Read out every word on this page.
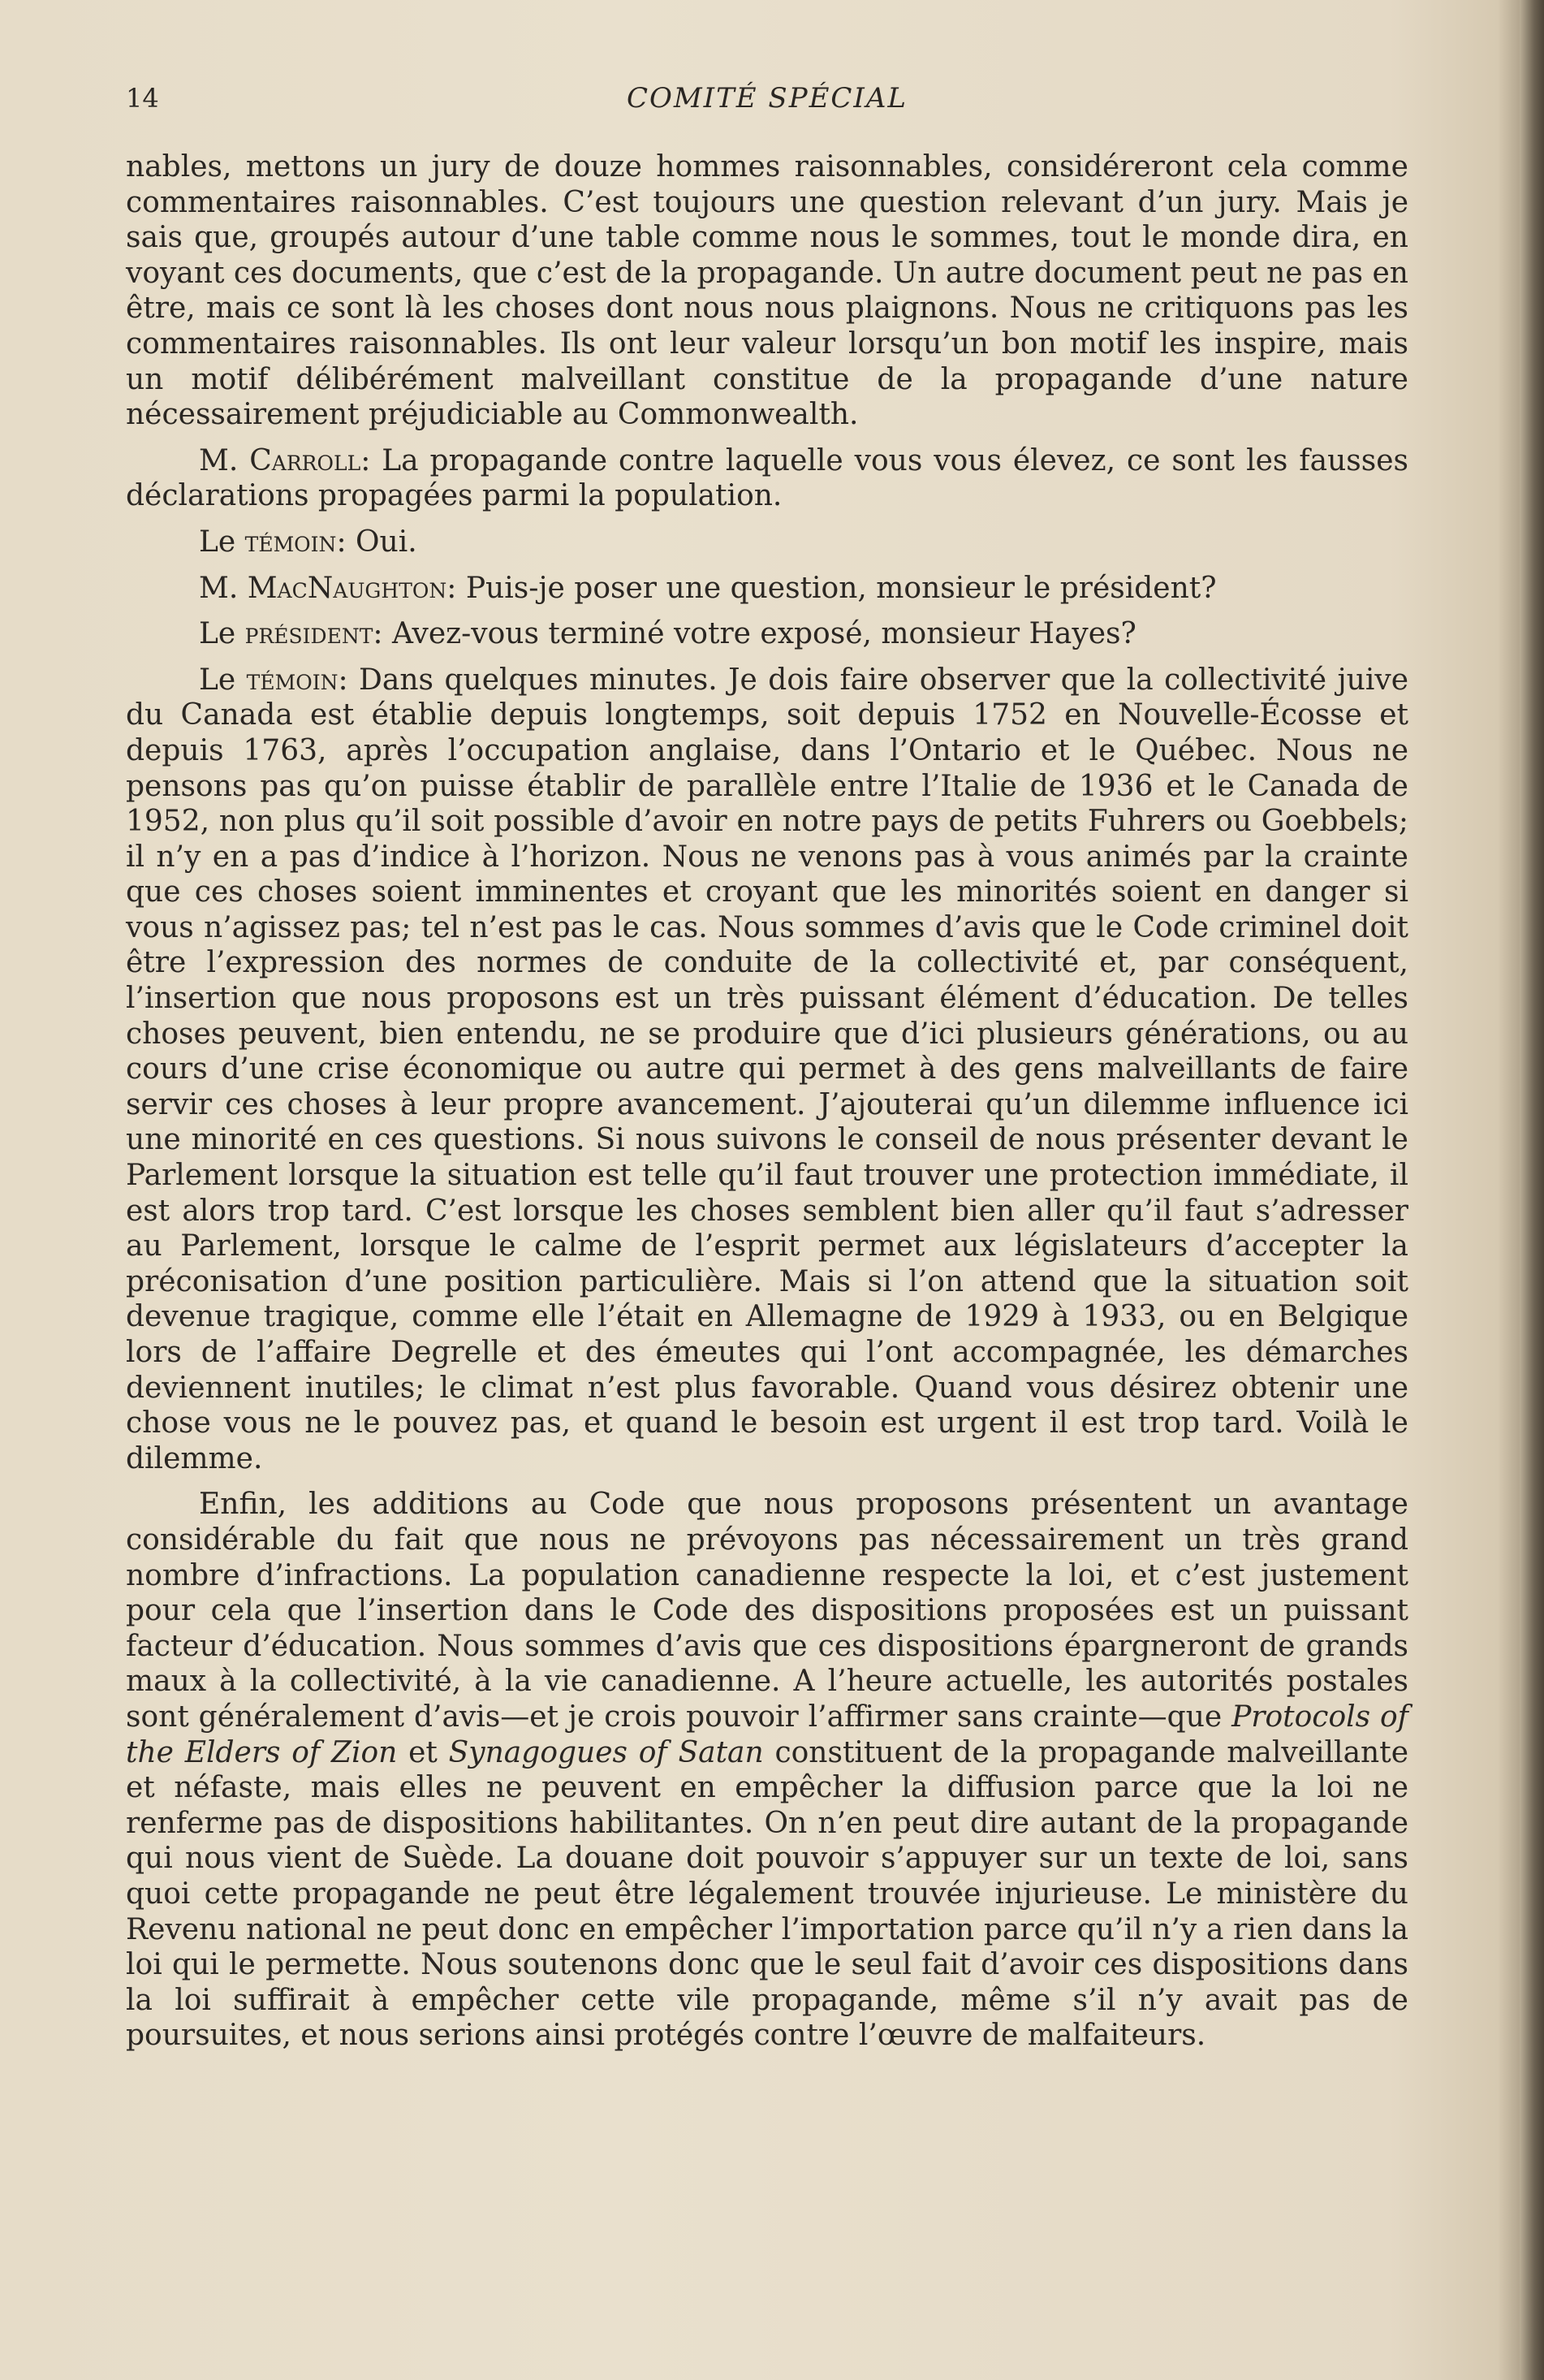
14	COMITÉ SPÉCIAL

nables, mettons un jury de douze hommes raisonnables, considéreront cela comme commentaires raisonnables. C’est toujours une question relevant d’un jury. Mais je sais que, groupés autour d’une table comme nous le sommes, tout le monde dira, en voyant ces documents, que c’est de la propagande. Un autre document peut ne pas en être, mais ce sont là les choses dont nous nous plaignons. Nous ne critiquons pas les commentaires raisonnables. Ils ont leur valeur lorsqu’un bon motif les inspire, mais un motif délibérément malveillant constitue de la propagande d’une nature nécessairement préjudiciable au Commonwealth.

M. Carroll: La propagande contre laquelle vous vous élevez, ce sont les fausses déclarations propagées parmi la population.

Le témoin: Oui.

M. MacNaughton: Puis-je poser une question, monsieur le président?

Le président: Avez-vous terminé votre exposé, monsieur Hayes?

Le témoin: Dans quelques minutes. Je dois faire observer que la collectivité juive du Canada est établie depuis longtemps, soit depuis 1752 en Nouvelle-Écosse et depuis 1763, après l’occupation anglaise, dans l’Ontario et le Québec. Nous ne pensons pas qu’on puisse établir de parallèle entre l’Italie de 1936 et le Canada de 1952, non plus qu’il soit possible d’avoir en notre pays de petits Fuhrers ou Goebbels; il n’y en a pas d’indice à l’horizon. Nous ne venons pas à vous animés par la crainte que ces choses soient imminentes et croyant que les minorités soient en danger si vous n’agissez pas; tel n’est pas le cas. Nous sommes d’avis que le Code criminel doit être l’expression des normes de conduite de la collectivité et, par conséquent, l’insertion que nous proposons est un très puissant élément d’éducation. De telles choses peuvent, bien entendu, ne se produire que d’ici plusieurs générations, ou au cours d’une crise économique ou autre qui permet à des gens malveillants de faire servir ces choses à leur propre avancement. J’ajouterai qu’un dilemme influence ici une minorité en ces questions. Si nous suivons le conseil de nous présenter devant le Parlement lorsque la situation est telle qu’il faut trouver une protection immédiate, il est alors trop tard. C’est lorsque les choses semblent bien aller qu’il faut s’adresser au Parlement, lorsque le calme de l’esprit permet aux législateurs d’accepter la préconisation d’une position particulière. Mais si l’on attend que la situation soit devenue tragique, comme elle l’était en Allemagne de 1929 à 1933, ou en Belgique lors de l’affaire Degrelle et des émeutes qui l’ont accompagnée, les démarches deviennent inutiles; le climat n’est plus favorable. Quand vous désirez obtenir une chose vous ne le pouvez pas, et quand le besoin est urgent il est trop tard. Voilà le dilemme.

Enfin, les additions au Code que nous proposons présentent un avantage considérable du fait que nous ne prévoyons pas nécessairement un très grand nombre d’infractions. La population canadienne respecte la loi, et c’est justement pour cela que l’insertion dans le Code des dispositions proposées est un puissant facteur d’éducation. Nous sommes d’avis que ces dispositions épargneront de grands maux à la collectivité, à la vie canadienne. A l’heure actuelle, les autorités postales sont généralement d’avis—et je crois pouvoir l’affirmer sans crainte—que Protocols of the Elders of Zion et Synagogues of Satan constituent de la propagande malveillante et néfaste, mais elles ne peuvent en empêcher la diffusion parce que la loi ne renferme pas de dispositions habilitantes. On n’en peut dire autant de la propagande qui nous vient de Suède. La douane doit pouvoir s’appuyer sur un texte de loi, sans quoi cette propagande ne peut être légalement trouvée injurieuse. Le ministère du Revenu national ne peut donc en empêcher l’importation parce qu’il n’y a rien dans la loi qui le permette. Nous soutenons donc que le seul fait d’avoir ces dispositions dans la loi suffirait à empêcher cette vile propagande, même s’il n’y avait pas de poursuites, et nous serions ainsi protégés contre l’œuvre de malfaiteurs.
